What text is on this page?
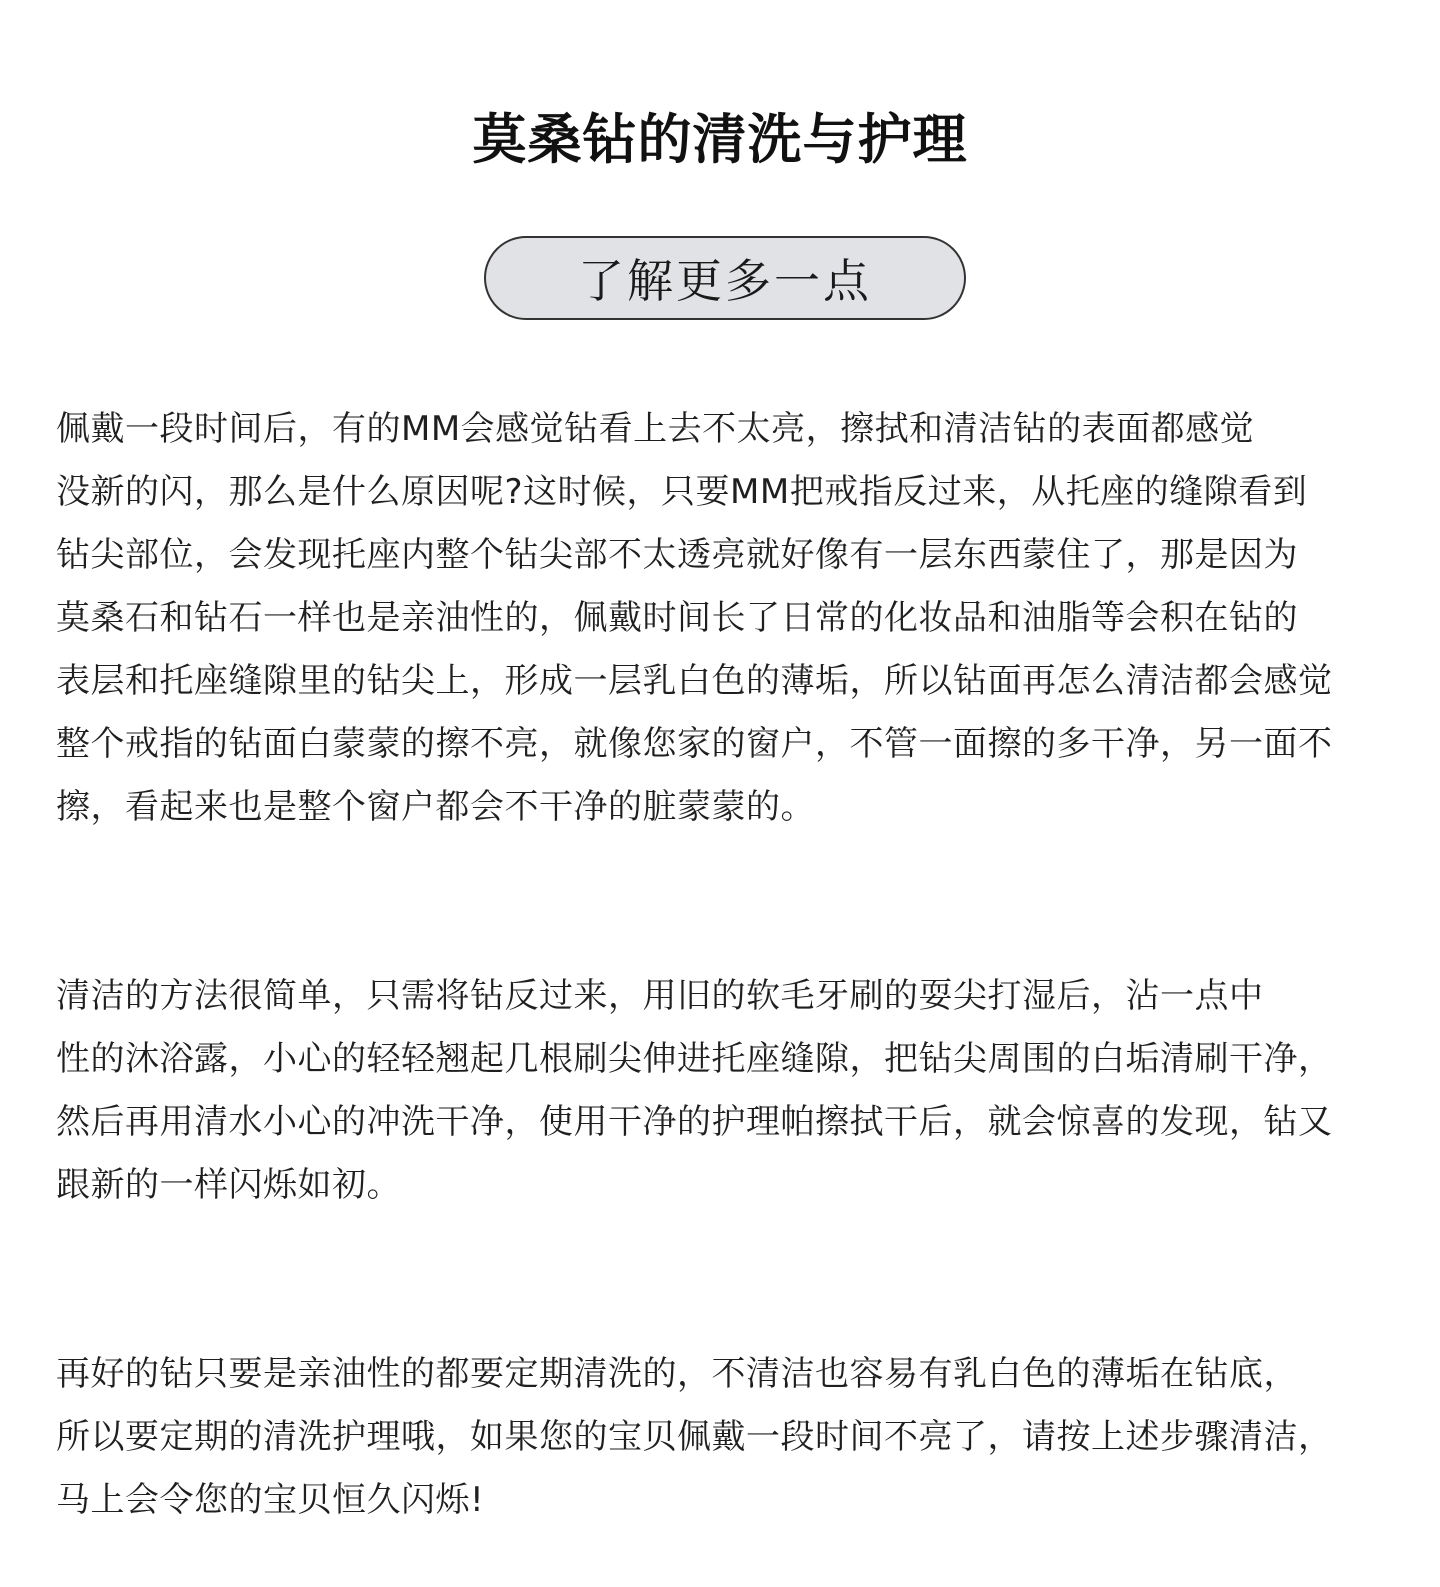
莫桑钻的清洗与护理
了解更多一点
佩戴一段时间后，有的MM会感觉钻看上去不太亮，擦拭和清洁钻的表面都感觉
没新的闪，那么是什么原因呢?这时候，只要MM把戒指反过来，从托座的缝隙看到
钻尖部位，会发现托座内整个钻尖部不太透亮就好像有一层东西蒙住了，那是因为
莫桑石和钻石一样也是亲油性的，佩戴时间长了日常的化妆品和油脂等会积在钻的
表层和托座缝隙里的钻尖上，形成一层乳白色的薄垢，所以钻面再怎么清洁都会感觉
整个戒指的钻面白蒙蒙的擦不亮，就像您家的窗户，不管一面擦的多干净，另一面不
擦，看起来也是整个窗户都会不干净的脏蒙蒙的。
清洁的方法很简单，只需将钻反过来，用旧的软毛牙刷的耍尖打湿后，沾一点中
性的沐浴露，小心的轻轻翘起几根刷尖伸进托座缝隙，把钻尖周围的白垢清刷干净，
然后再用清水小心的冲洗干净，使用干净的护理帕擦拭干后，就会惊喜的发现，钻又
跟新的一样闪烁如初。
再好的钻只要是亲油性的都要定期清洗的，不清洁也容易有乳白色的薄垢在钻底，
所以要定期的清洗护理哦，如果您的宝贝佩戴一段时间不亮了，请按上述步骤清洁，
马上会令您的宝贝恒久闪烁!
